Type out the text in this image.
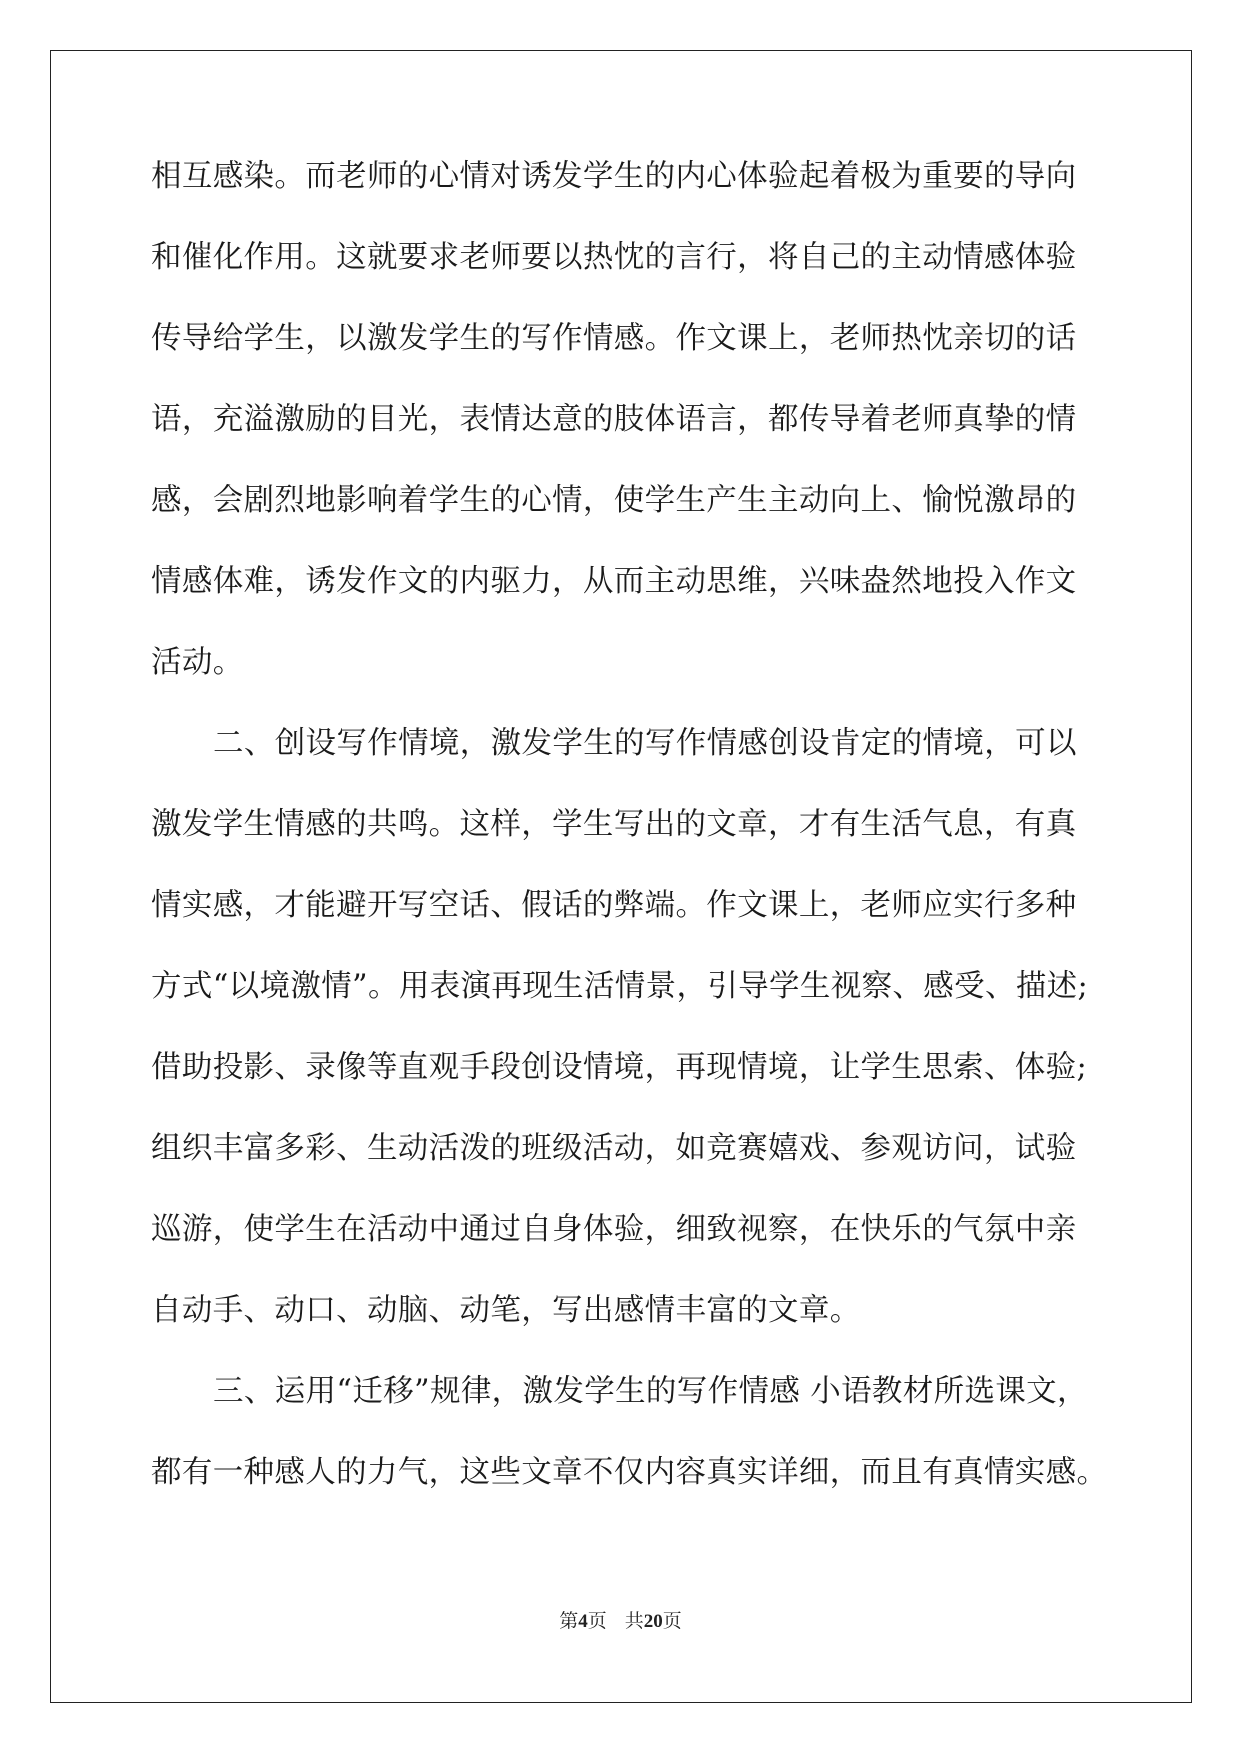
相互感染。而老师的心情对诱发学生的内心体验起着极为重要的导向
和催化作用。这就要求老师要以热忱的言行，将自己的主动情感体验
传导给学生，以激发学生的写作情感。作文课上，老师热忱亲切的话
语，充溢激励的目光，表情达意的肢体语言，都传导着老师真挚的情
感，会剧烈地影响着学生的心情，使学生产生主动向上、愉悦激昂的
情感体难，诱发作文的内驱力，从而主动思维，兴味盎然地投入作文
活动。
二、创设写作情境，激发学生的写作情感创设肯定的情境，可以
激发学生情感的共鸣。这样，学生写出的文章，才有生活气息，有真
情实感，才能避开写空话、假话的弊端。作文课上，老师应实行多种
方式“以境激情”。用表演再现生活情景，引导学生视察、感受、描述;
借助投影、录像等直观手段创设情境，再现情境，让学生思索、体验;
组织丰富多彩、生动活泼的班级活动，如竞赛嬉戏、参观访问，试验
巡游，使学生在活动中通过自身体验，细致视察，在快乐的气氛中亲
自动手、动口、动脑、动笔，写出感情丰富的文章。
三、运用“迁移”规律，激发学生的写作情感 小语教材所选课文，
都有一种感人的力气，这些文章不仅内容真实详细，而且有真情实感。
第4页 共20页
